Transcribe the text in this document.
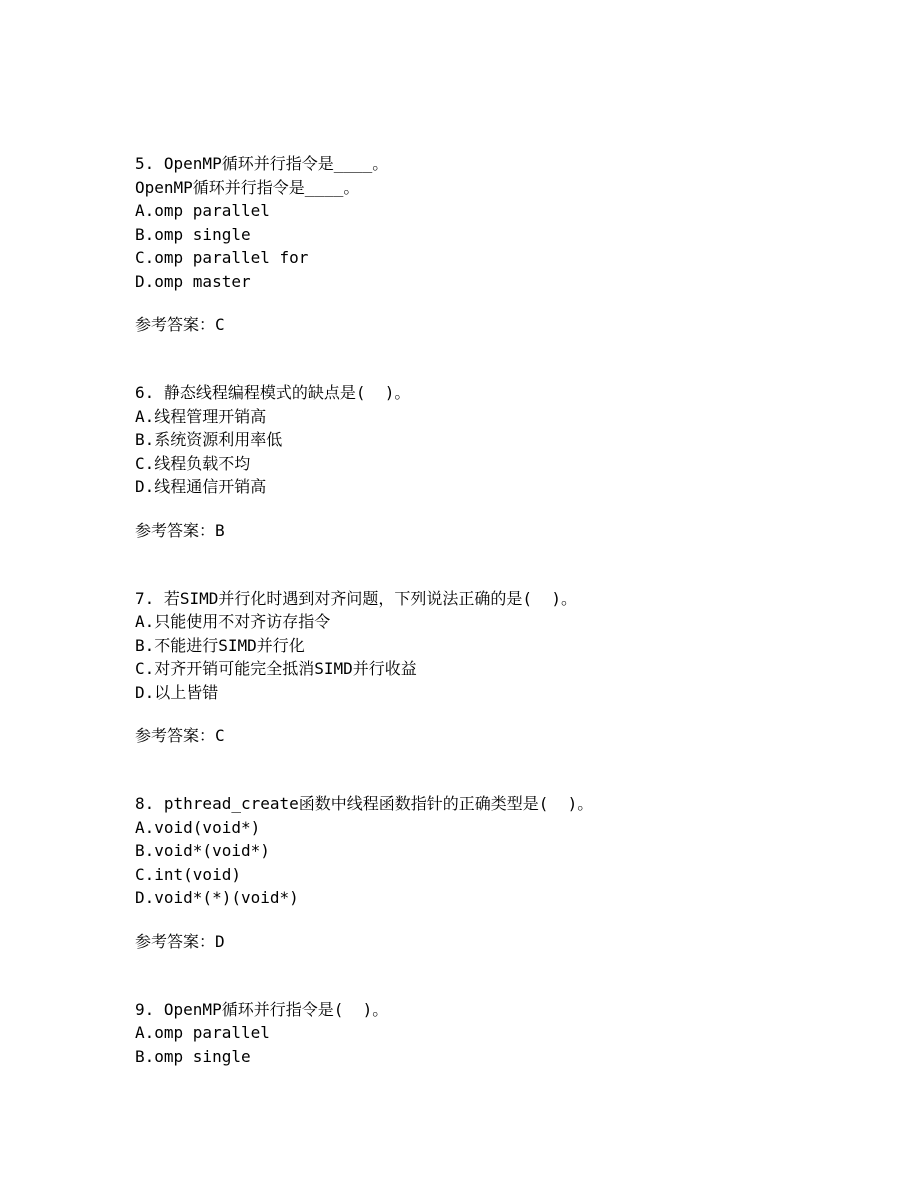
5. OpenMP循环并行指令是____。
OpenMP循环并行指令是____。
A.omp parallel
B.omp single
C.omp parallel for
D.omp master
参考答案：C
6. 静态线程编程模式的缺点是(  )。
A.线程管理开销高
B.系统资源利用率低
C.线程负载不均
D.线程通信开销高
参考答案：B
7. 若SIMD并行化时遇到对齐问题，下列说法正确的是(  )。
A.只能使用不对齐访存指令
B.不能进行SIMD并行化
C.对齐开销可能完全抵消SIMD并行收益
D.以上皆错
参考答案：C
8. pthread_create函数中线程函数指针的正确类型是(  )。
A.void(void*)
B.void*(void*)
C.int(void)
D.void*(*)(void*)
参考答案：D
9. OpenMP循环并行指令是(  )。
A.omp parallel
B.omp single
